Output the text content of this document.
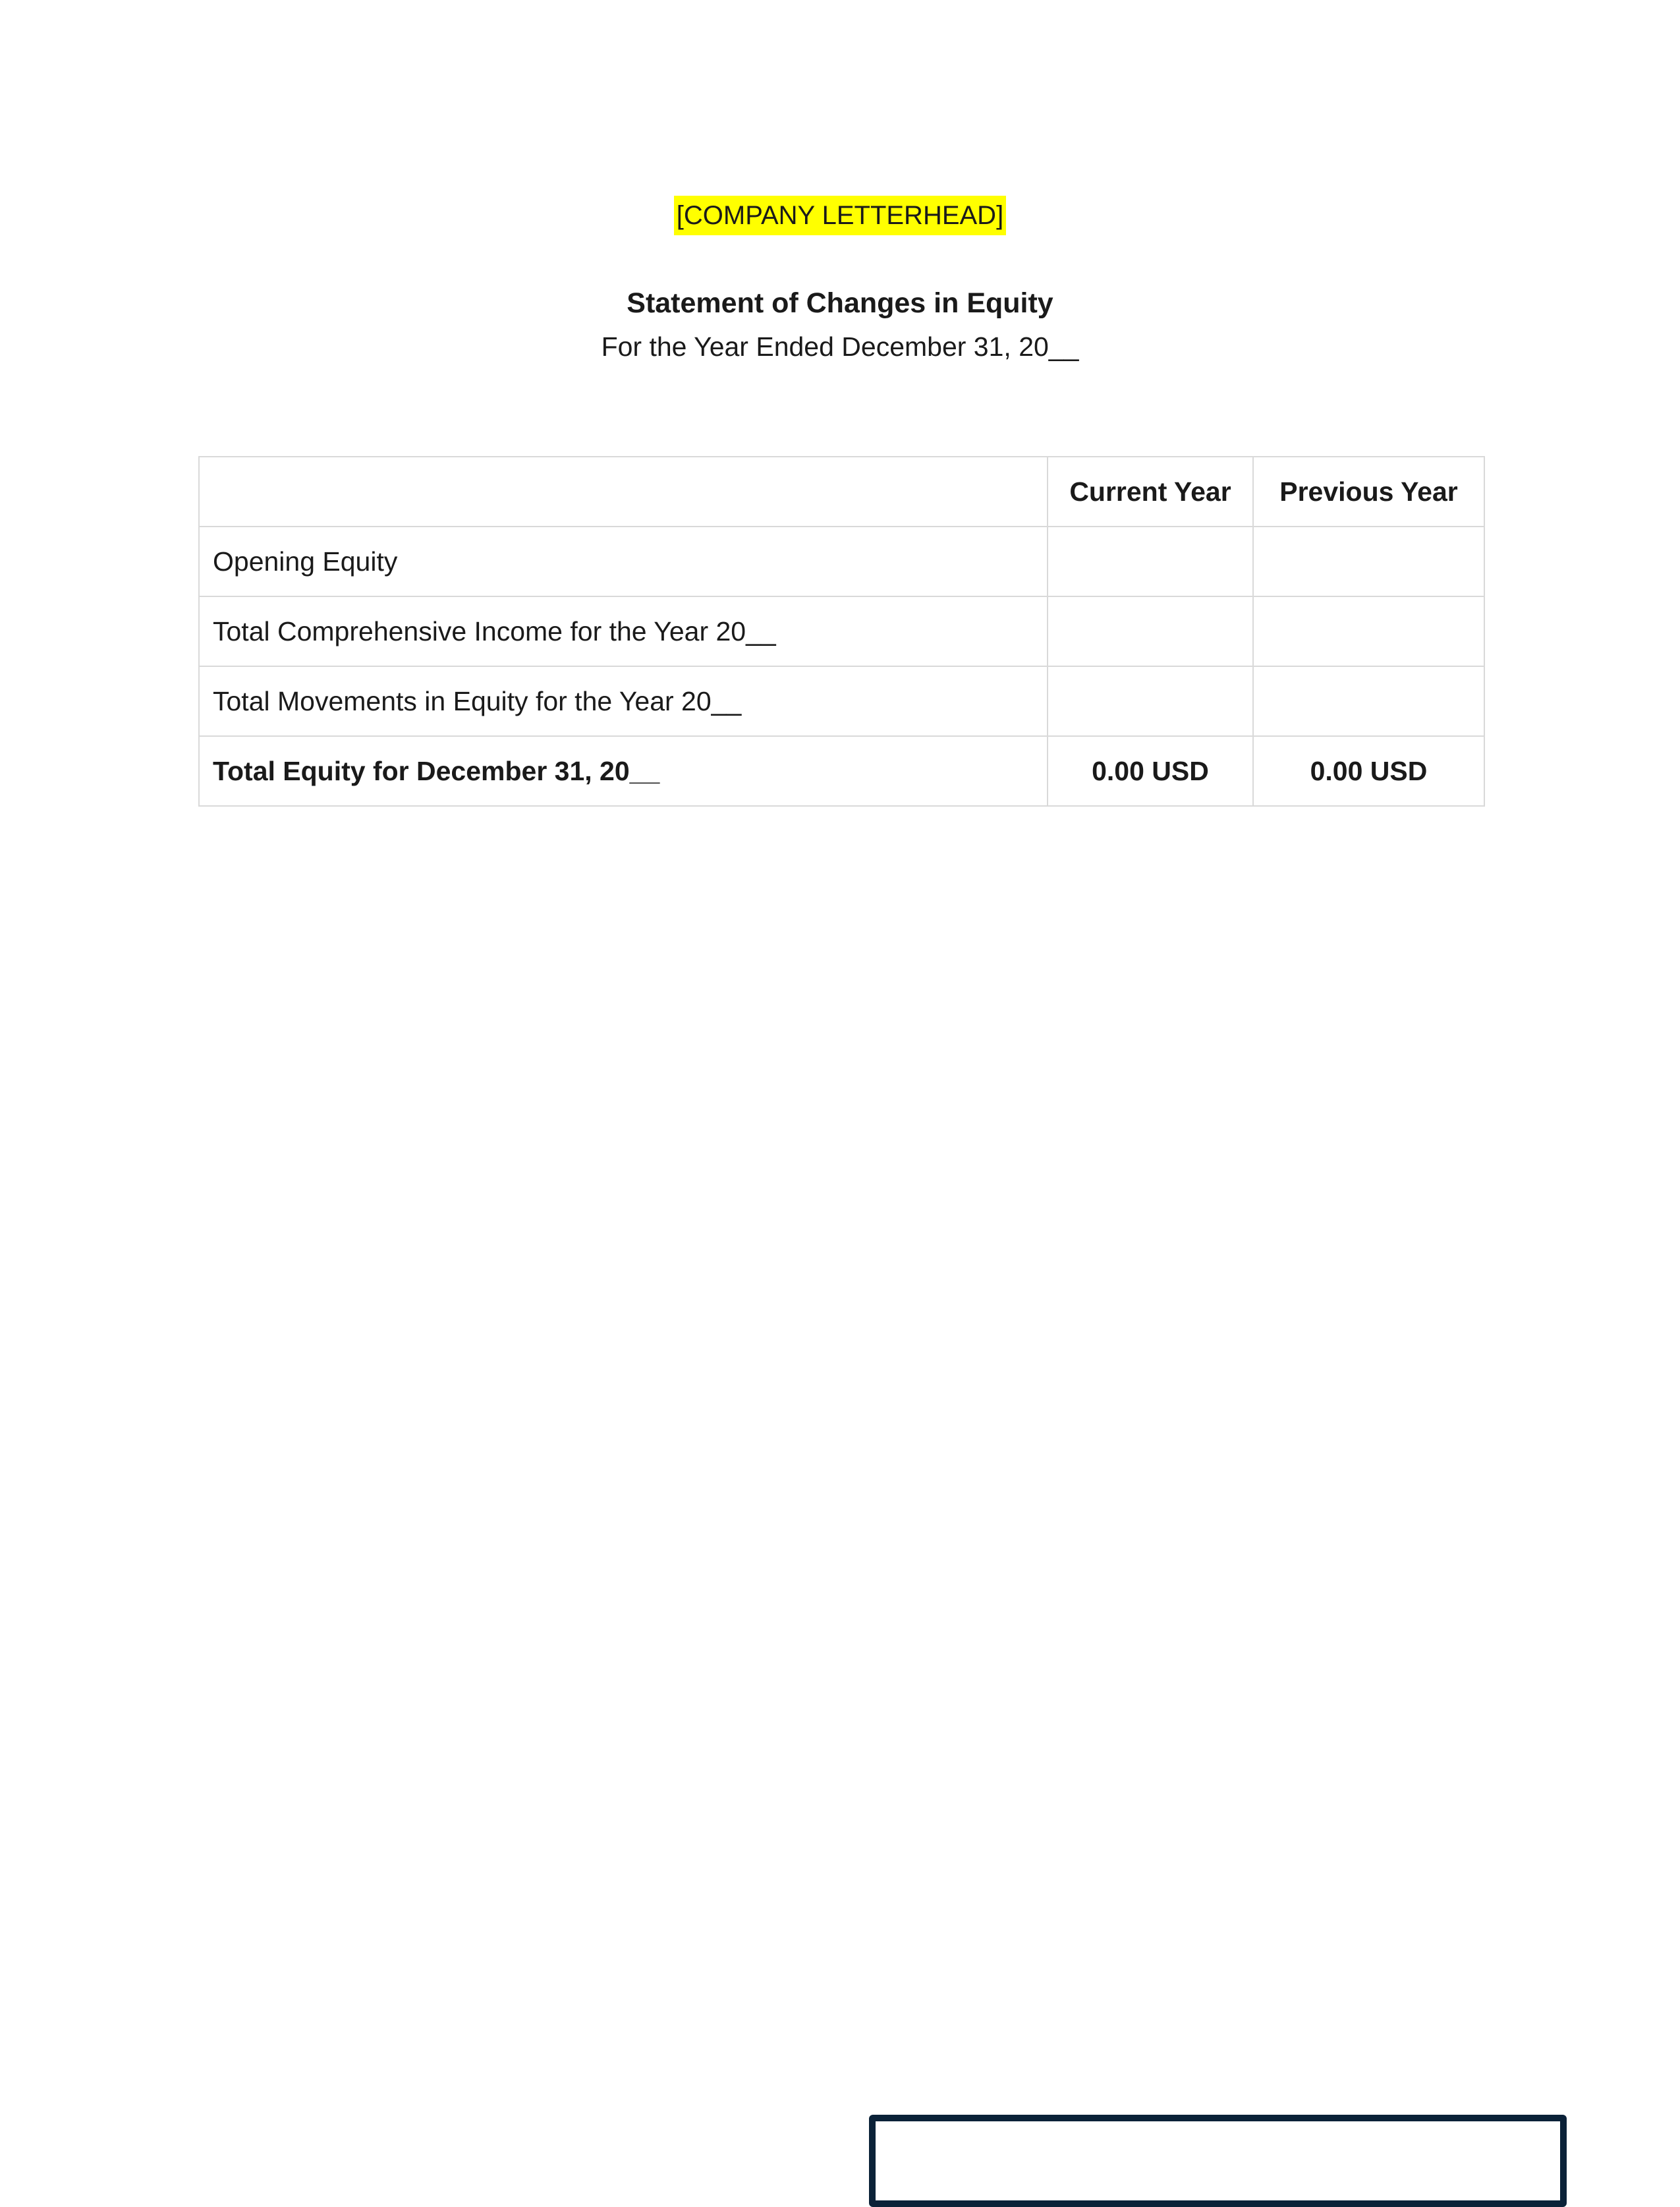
[COMPANY LETTERHEAD]
Statement of Changes in Equity
For the Year Ended December 31, 20__
	Current Year	Previous Year
Opening Equity		
Total Comprehensive Income for the Year 20__		
Total Movements in Equity for the Year 20__		
Total Equity for December 31, 20__	0.00 USD	0.00 USD
